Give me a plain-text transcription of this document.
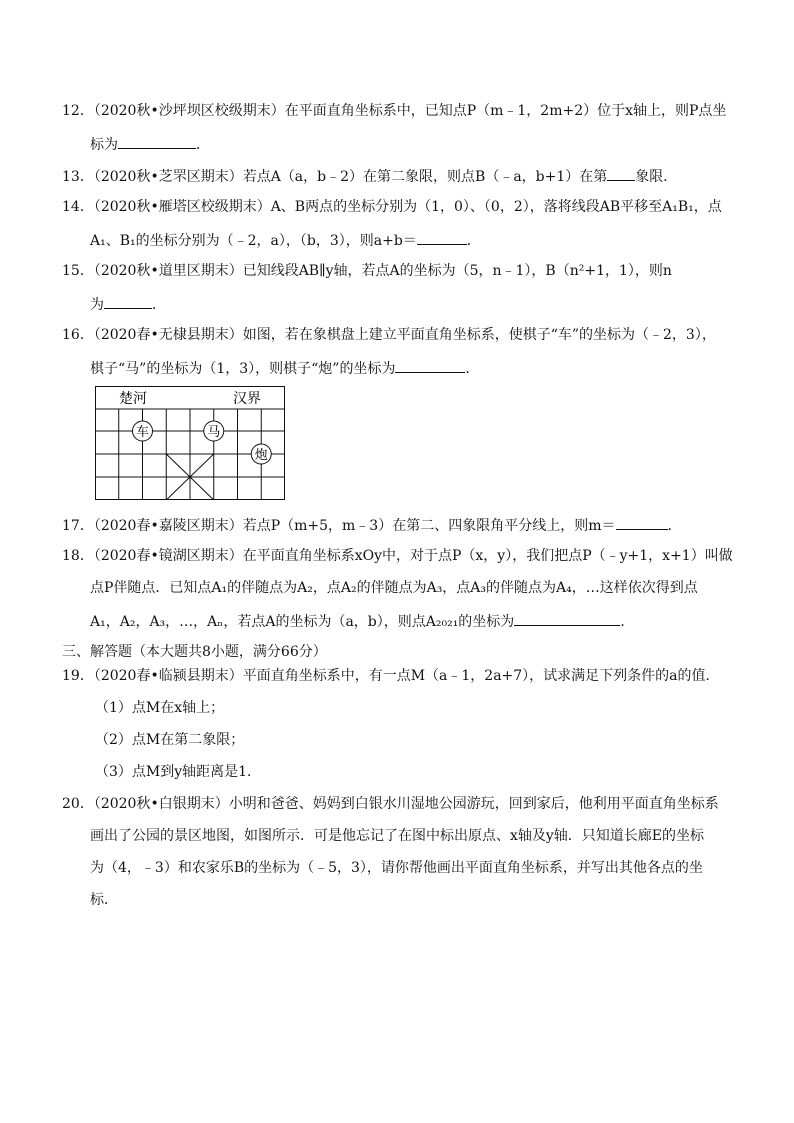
12．（2020秋•沙坪坝区校级期末）在平面直角坐标系中，已知点P（m﹣1，2m+2）位于x轴上，则P点坐
标为	．
13．（2020秋•芝罘区期末）若点A（a，b﹣2）在第二象限，则点B（﹣a，b+1）在第 象限．
14．（2020秋•雁塔区校级期末）A、B两点的坐标分别为（1，0）、（0，2），落将线段AB平移至A₁B₁，点
A₁、B₁的坐标分别为（﹣2，a），（b，3），则a+b＝	．
15．（2020秋•道里区期末）已知线段AB∥y轴，若点A的坐标为（5，n﹣1），B（n²+1，1），则n
为	．
16．（2020春•无棣县期末）如图，若在象棋盘上建立平面直角坐标系，使棋子“车”的坐标为（﹣2，3），
棋子“马”的坐标为（1，3），则棋子“炮”的坐标为	．
楚河	汉界
车	马
炮
17．（2020春•嘉陵区期末）若点P（m+5，m﹣3）在第二、四象限角平分线上，则m＝	．
18．（2020春•镜湖区期末）在平面直角坐标系xOy中，对于点P（x，y），我们把点P（﹣y+1，x+1）叫做
点P伴随点．已知点A₁的伴随点为A₂，点A₂的伴随点为A₃，点A₃的伴随点为A₄，…这样依次得到点
A₁，A₂，A₃，…，Aₙ，若点A的坐标为（a，b），则点A₂₀₂₁的坐标为	．
三、解答题（本大题共8小题，满分66分）
19．（2020春•临颍县期末）平面直角坐标系中，有一点M（a﹣1，2a+7），试求满足下列条件的a的值．
（1）点M在x轴上；
（2）点M在第二象限；
（3）点M到y轴距离是1．
20．（2020秋•白银期末）小明和爸爸、妈妈到白银水川湿地公园游玩，回到家后，他利用平面直角坐标系
画出了公园的景区地图，如图所示．可是他忘记了在图中标出原点、x轴及y轴．只知道长廊E的坐标
为（4，﹣3）和农家乐B的坐标为（﹣5，3），请你帮他画出平面直角坐标系，并写出其他各点的坐
标．
